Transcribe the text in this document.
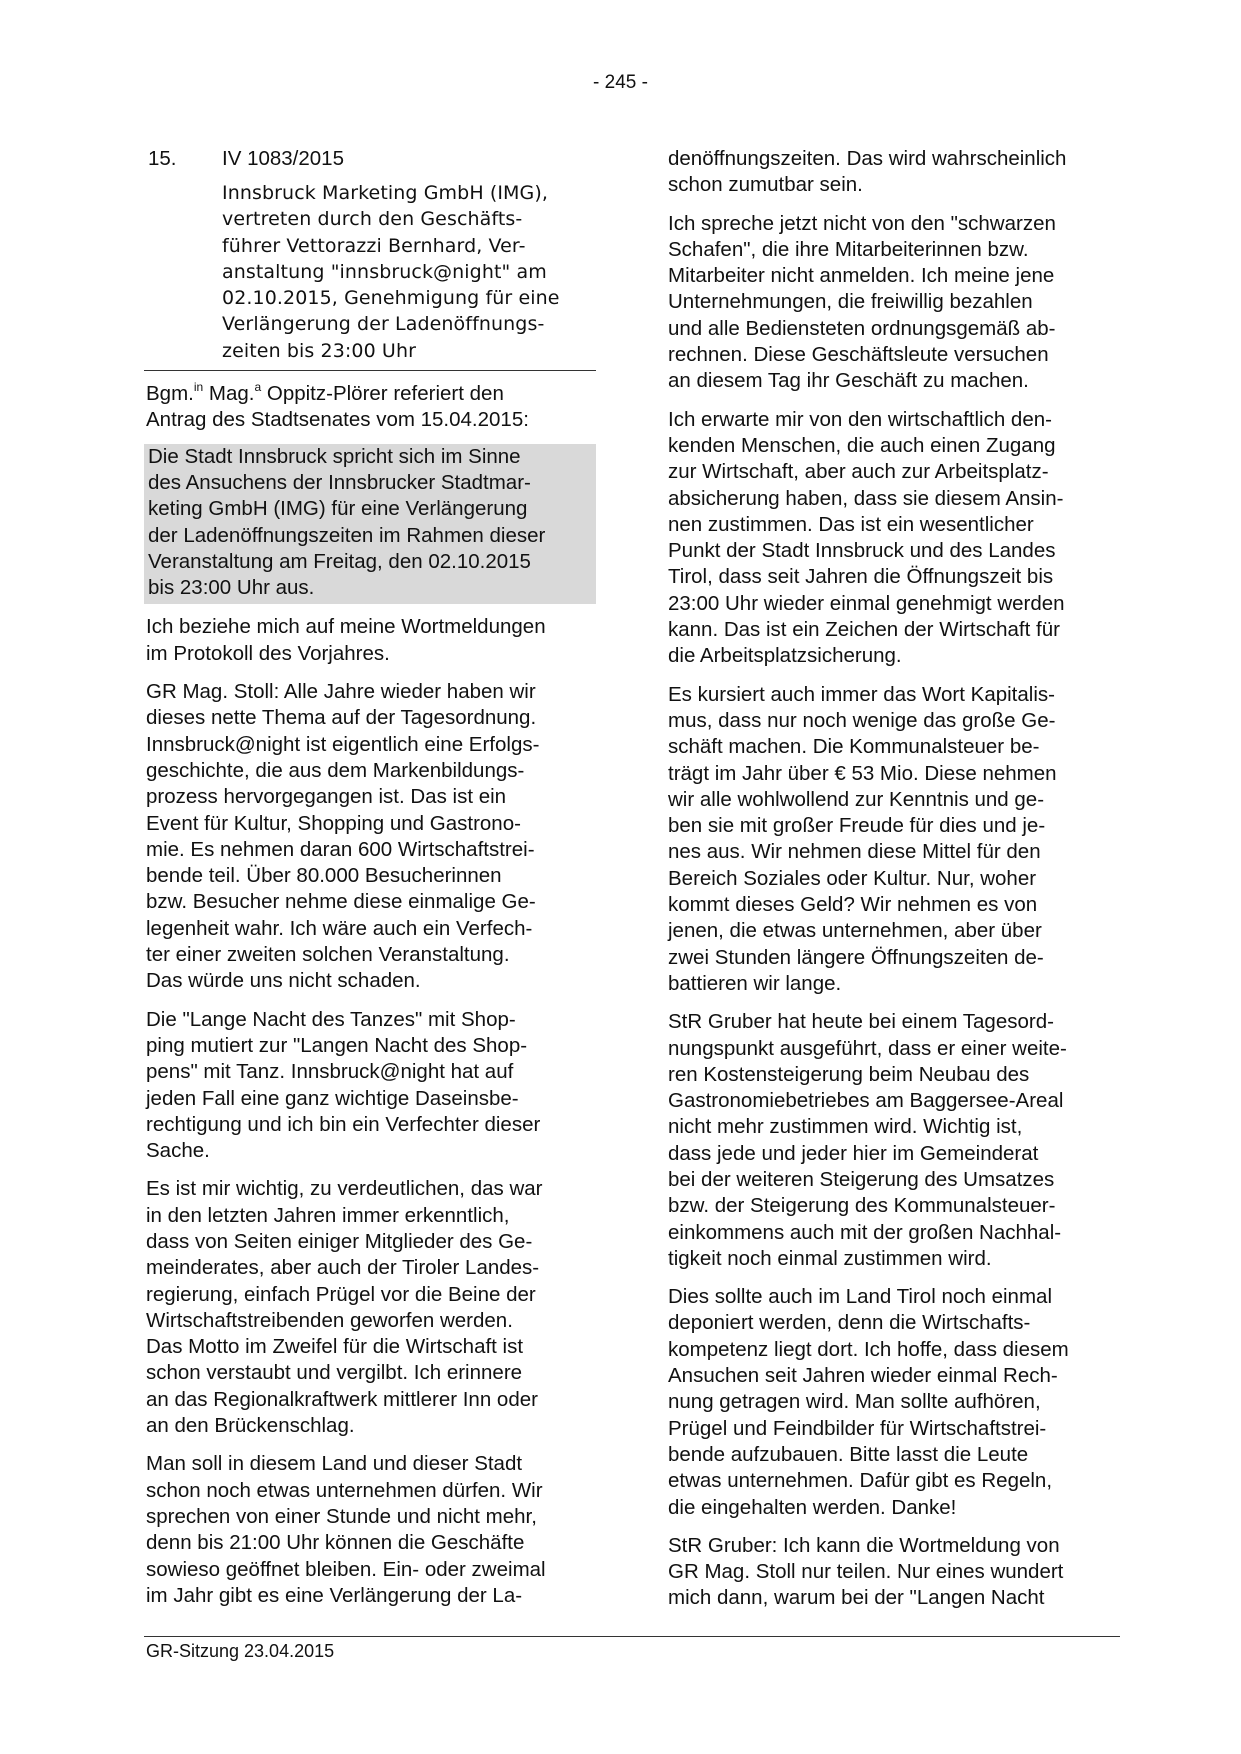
- 245 -
15. IV 1083/2015
Innsbruck Marketing GmbH (IMG),
vertreten durch den Geschäfts-
führer Vettorazzi Bernhard, Ver-
anstaltung "innsbruck@night" am
02.10.2015, Genehmigung für eine
Verlängerung der Ladenöffnungs-
zeiten bis 23:00 Uhr

Bgm.$^{in}$ Mag.$^a$ Oppitz-Plörer referiert den
Antrag des Stadtsenates vom 15.04.2015:

Die Stadt Innsbruck spricht sich im Sinne
des Ansuchens der Innsbrucker Stadtmar-
keting GmbH (IMG) für eine Verlängerung
der Ladenöffnungszeiten im Rahmen dieser
Veranstaltung am Freitag, den 02.10.2015
bis 23:00 Uhr aus.

Ich beziehe mich auf meine Wortmeldungen
im Protokoll des Vorjahres.

GR Mag. Stoll: Alle Jahre wieder haben wir
dieses nette Thema auf der Tagesordnung.
Innsbruck@night ist eigentlich eine Erfolgs-
geschichte, die aus dem Markenbildungs-
prozess hervorgegangen ist. Das ist ein
Event für Kultur, Shopping und Gastrono-
mie. Es nehmen daran 600 Wirtschaftstrei-
bende teil. Über 80.000 Besucherinnen
bzw. Besucher nehme diese einmalige Ge-
legenheit wahr. Ich wäre auch ein Verfech-
ter einer zweiten solchen Veranstaltung.
Das würde uns nicht schaden.

Die "Lange Nacht des Tanzes" mit Shop-
ping mutiert zur "Langen Nacht des Shop-
pens" mit Tanz. Innsbruck@night hat auf
jeden Fall eine ganz wichtige Daseinsbe-
rechtigung und ich bin ein Verfechter dieser
Sache.

Es ist mir wichtig, zu verdeutlichen, das war
in den letzten Jahren immer erkenntlich,
dass von Seiten einiger Mitglieder des Ge-
meinderates, aber auch der Tiroler Landes-
regierung, einfach Prügel vor die Beine der
Wirtschaftstreibenden geworfen werden.
Das Motto im Zweifel für die Wirtschaft ist
schon verstaubt und vergilbt. Ich erinnere
an das Regionalkraftwerk mittlerer Inn oder
an den Brückenschlag.

Man soll in diesem Land und dieser Stadt
schon noch etwas unternehmen dürfen. Wir
sprechen von einer Stunde und nicht mehr,
denn bis 21:00 Uhr können die Geschäfte
sowieso geöffnet bleiben. Ein- oder zweimal
im Jahr gibt es eine Verlängerung der La-

denöffnungszeiten. Das wird wahrscheinlich
schon zumutbar sein.

Ich spreche jetzt nicht von den "schwarzen
Schafen", die ihre Mitarbeiterinnen bzw.
Mitarbeiter nicht anmelden. Ich meine jene
Unternehmungen, die freiwillig bezahlen
und alle Bediensteten ordnungsgemäß ab-
rechnen. Diese Geschäftsleute versuchen
an diesem Tag ihr Geschäft zu machen.

Ich erwarte mir von den wirtschaftlich den-
kenden Menschen, die auch einen Zugang
zur Wirtschaft, aber auch zur Arbeitsplatz-
absicherung haben, dass sie diesem Ansin-
nen zustimmen. Das ist ein wesentlicher
Punkt der Stadt Innsbruck und des Landes
Tirol, dass seit Jahren die Öffnungszeit bis
23:00 Uhr wieder einmal genehmigt werden
kann. Das ist ein Zeichen der Wirtschaft für
die Arbeitsplatzsicherung.

Es kursiert auch immer das Wort Kapitalis-
mus, dass nur noch wenige das große Ge-
schäft machen. Die Kommunalsteuer be-
trägt im Jahr über € 53 Mio. Diese nehmen
wir alle wohlwollend zur Kenntnis und ge-
ben sie mit großer Freude für dies und je-
nes aus. Wir nehmen diese Mittel für den
Bereich Soziales oder Kultur. Nur, woher
kommt dieses Geld? Wir nehmen es von
jenen, die etwas unternehmen, aber über
zwei Stunden längere Öffnungszeiten de-
battieren wir lange.

StR Gruber hat heute bei einem Tagesord-
nungspunkt ausgeführt, dass er einer weite-
ren Kostensteigerung beim Neubau des
Gastronomiebetriebes am Baggersee-Areal
nicht mehr zustimmen wird. Wichtig ist,
dass jede und jeder hier im Gemeinderat
bei der weiteren Steigerung des Umsatzes
bzw. der Steigerung des Kommunalsteuer-
einkommens auch mit der großen Nachhal-
tigkeit noch einmal zustimmen wird.

Dies sollte auch im Land Tirol noch einmal
deponiert werden, denn die Wirtschafts-
kompetenz liegt dort. Ich hoffe, dass diesem
Ansuchen seit Jahren wieder einmal Rech-
nung getragen wird. Man sollte aufhören,
Prügel und Feindbilder für Wirtschaftstrei-
bende aufzubauen. Bitte lasst die Leute
etwas unternehmen. Dafür gibt es Regeln,
die eingehalten werden. Danke!

StR Gruber: Ich kann die Wortmeldung von
GR Mag. Stoll nur teilen. Nur eines wundert
mich dann, warum bei der "Langen Nacht

GR-Sitzung 23.04.2015
